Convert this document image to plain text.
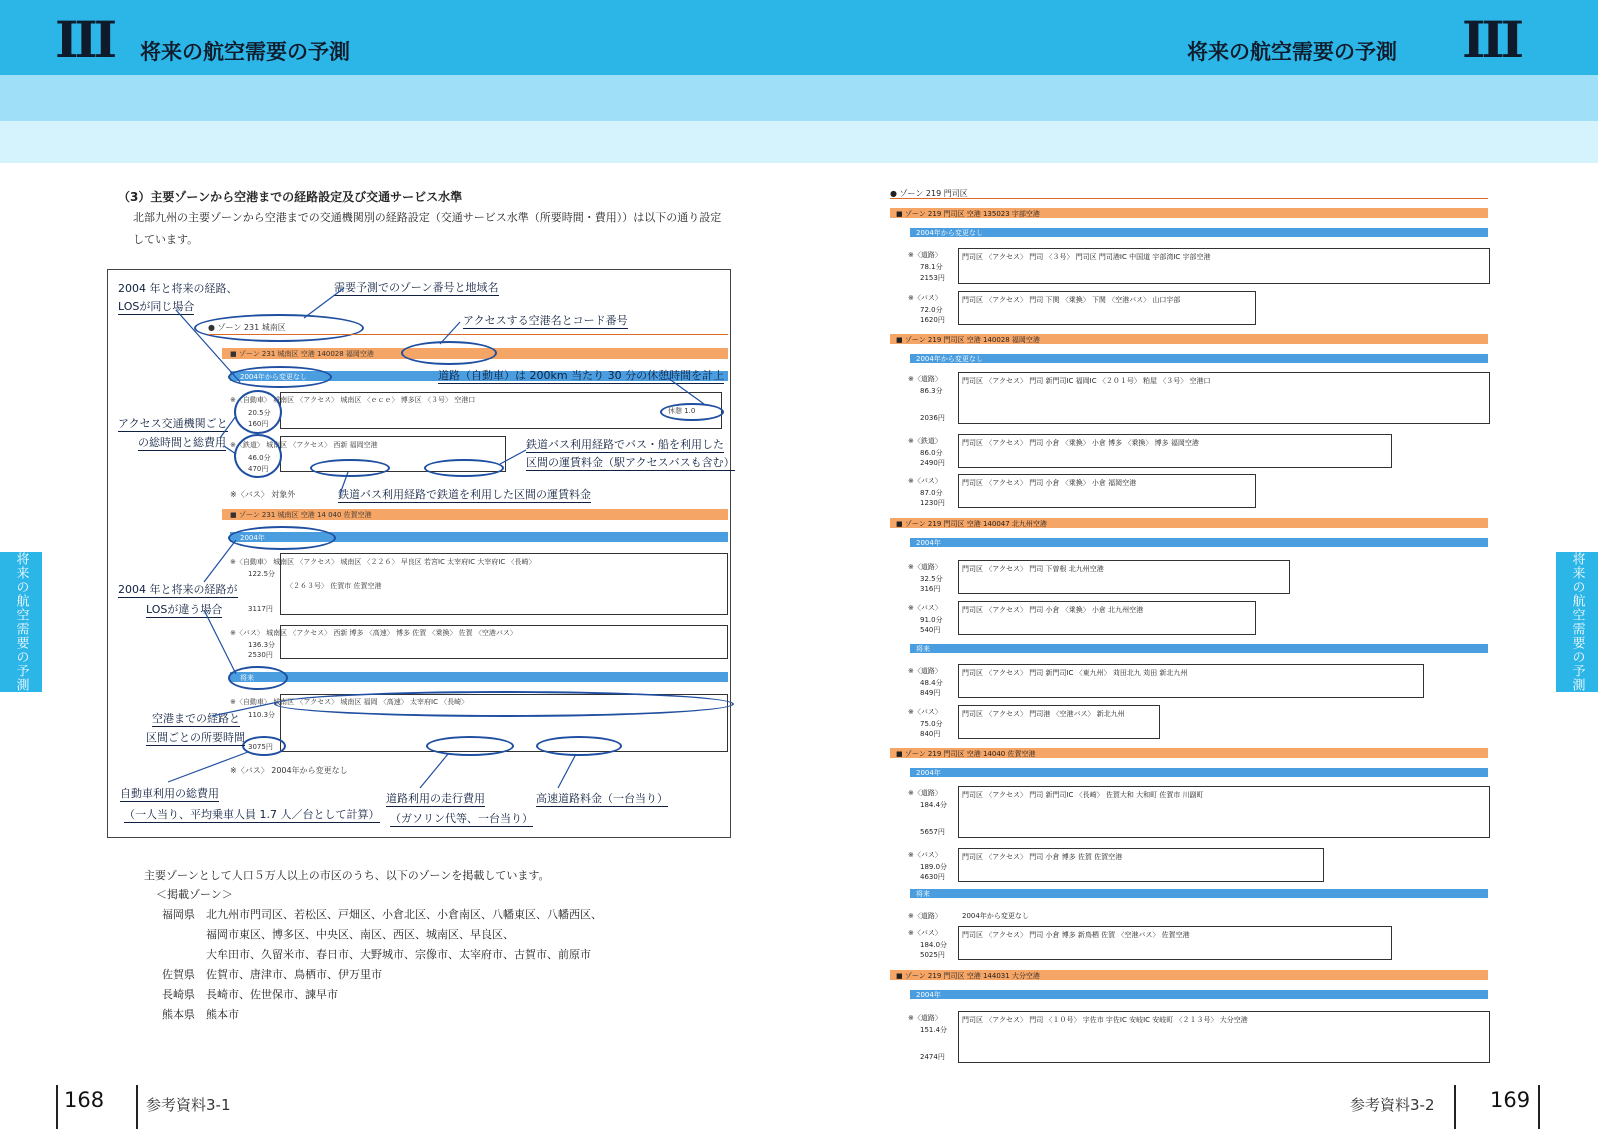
III 将来の航空需要の予測	将来の航空需要の予測 III
将来の航空需要の予測	将来の航空需要の予測
（3）主要ゾーンから空港までの経路設定及び交通サービス水準
北部九州の主要ゾーンから空港までの交通機関別の経路設定（交通サービス水準（所要時間・費用））は以下の通り設定
しています。
2004 年と将来の経路、
LOSが同じ場合
需要予測でのゾーン番号と地域名
アクセスする空港名とコード番号
● ゾーン 231 城南区
■ ゾーン 231 城南区 空港 140028 福岡空港
2004年から変更なし	道路（自動車）は 200km 当たり 30 分の休憩時間を計上
アクセス交通機関ごと
の総時間と総費用
※〈自動車〉 城南区 〈アクセス〉 城南区 〈ｅｃｅ〉 博多区 〈３号〉 空港口
20.5分
160円
休憩 1.0
※〈鉄道〉 城南区 〈アクセス〉 西新 福岡空港
46.0分
470円
鉄道バス利用経路でバス・船を利用した
区間の運賃料金（駅アクセスバスも含む）
※〈バス〉 対象外	鉄道バス利用経路で鉄道を利用した区間の運賃料金
■ ゾーン 231 城南区 空港 14 040 佐賀空港
2004年
2004 年と将来の経路が
LOSが違う場合
※〈自動車〉 城南区 〈アクセス〉 城南区 〈２２６〉 早良区 若宮IC 太宰府IC 大宰府IC 〈長崎〉
122.5分
〈２６３号〉 佐賀市 佐賀空港
3117円
※〈バス〉 城南区 〈アクセス〉 西新 博多 〈高速〉 博多 佐賀 〈乗換〉 佐賀 〈空港バス〉
136.3分
2530円
将来
※〈自動車〉 城南区 〈アクセス〉 城南区 福岡 〈高速〉 太宰府IC 〈長崎〉
110.3分
3075円
空港までの経路と
区間ごとの所要時間
※〈バス〉 2004年から変更なし
自動車利用の総費用
（一人当り、平均乗車人員 1.7 人／台として計算）
道路利用の走行費用
（ガソリン代等、一台当り）
高速道路料金（一台当り）
主要ゾーンとして人口５万人以上の市区のうち、以下のゾーンを掲載しています。
＜掲載ゾーン＞
福岡県 北九州市門司区、若松区、戸畑区、小倉北区、小倉南区、八幡東区、八幡西区、
福岡市東区、博多区、中央区、南区、西区、城南区、早良区、
大牟田市、久留米市、春日市、大野城市、宗像市、太宰府市、古賀市、前原市
佐賀県 佐賀市、唐津市、鳥栖市、伊万里市
長崎県 長崎市、佐世保市、諫早市
熊本県 熊本市
● ゾーン 219 門司区
■ ゾーン 219 門司区 空港 135023 宇部空港
2004年から変更なし
※〈道路〉	門司区 〈アクセス〉 門司 〈３号〉 門司区 門司港IC 中国道 宇部湾IC 宇部空港
78.1分
2153円
※〈バス〉	門司区 〈アクセス〉 門司 下関 〈乗換〉 下関 〈空港バス〉 山口宇部
72.0分
1620円
■ ゾーン 219 門司区 空港 140028 福岡空港
2004年から変更なし
※〈道路〉	門司区 〈アクセス〉 門司 新門司IC 福岡IC 〈２０１号〉 粕屋 〈３号〉 空港口
86.3分
2036円
※〈鉄道〉	門司区 〈アクセス〉 門司 小倉 〈乗換〉 小倉 博多 〈乗換〉 博多 福岡空港
86.0分
2490円
※〈バス〉	門司区 〈アクセス〉 門司 小倉 〈乗換〉 小倉 福岡空港
87.0分
1230円
■ ゾーン 219 門司区 空港 140047 北九州空港
2004年
※〈道路〉	門司区 〈アクセス〉 門司 下曽根 北九州空港
32.5分
316円
※〈バス〉	門司区 〈アクセス〉 門司 小倉 〈乗換〉 小倉 北九州空港
91.0分
540円
将来
※〈道路〉	門司区 〈アクセス〉 門司 新門司IC 〈東九州〉 苅田北九 苅田 新北九州
48.4分
849円
※〈バス〉	門司区 〈アクセス〉 門司港 〈空港バス〉 新北九州
75.0分
840円
■ ゾーン 219 門司区 空港 14040 佐賀空港
2004年
※〈道路〉	門司区 〈アクセス〉 門司 新門司IC 〈長崎〉 佐賀大和 大和町 佐賀市 川副町
184.4分
5657円
※〈バス〉	門司区 〈アクセス〉 門司 小倉 博多 佐賀 佐賀空港
189.0分
4630円
将来
※〈道路〉	2004年から変更なし
※〈バス〉	門司区 〈アクセス〉 門司 小倉 博多 新鳥栖 佐賀 〈空港バス〉 佐賀空港
184.0分
5025円
■ ゾーン 219 門司区 空港 144031 大分空港
2004年
※〈道路〉	門司区 〈アクセス〉 門司 〈１０号〉 宇佐市 宇佐IC 安岐IC 安岐町 〈２１３号〉 大分空港
151.4分
2474円
168	参考資料3-1	参考資料3-2	169
